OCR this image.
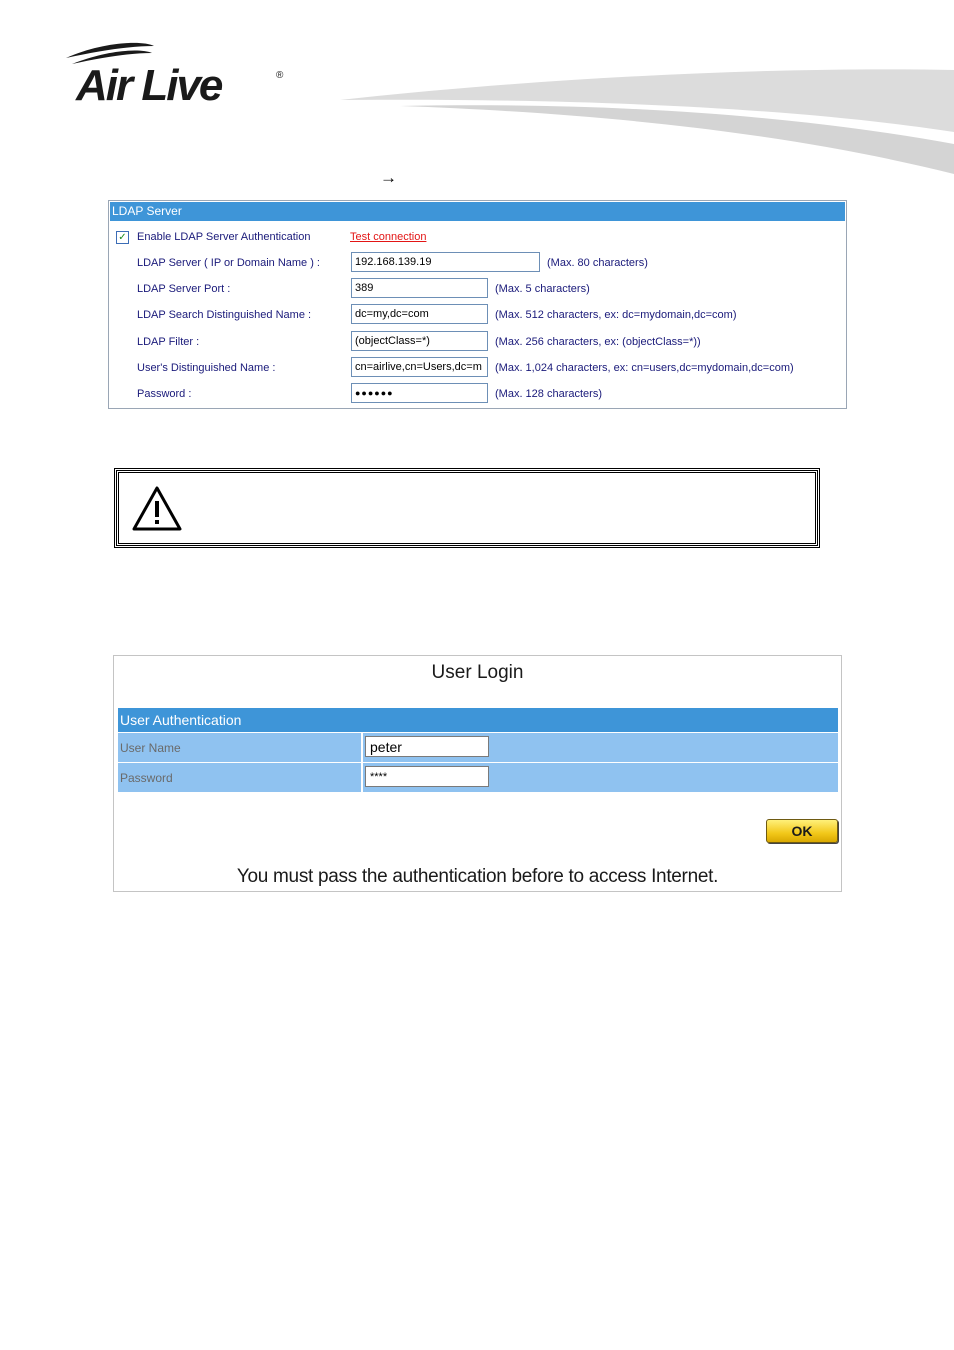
Air Live	®
→
LDAP Server
✓ Enable LDAP Server Authentication	Test connection
LDAP Server ( IP or Domain Name ) :	192.168.139.19	(Max. 80 characters)
LDAP Server Port :	389	(Max. 5 characters)
LDAP Search Distinguished Name :	dc=my,dc=com	(Max. 512 characters, ex: dc=mydomain,dc=com)
LDAP Filter :	(objectClass=*)	(Max. 256 characters, ex: (objectClass=*))
User's Distinguished Name :	cn=airlive,cn=Users,dc=m	(Max. 1,024 characters, ex: cn=users,dc=mydomain,dc=com)
Password :	●●●●●●	(Max. 128 characters)
User Login
User Authentication
User Name	peter
Password	****
OK
You must pass the authentication before to access Internet.
